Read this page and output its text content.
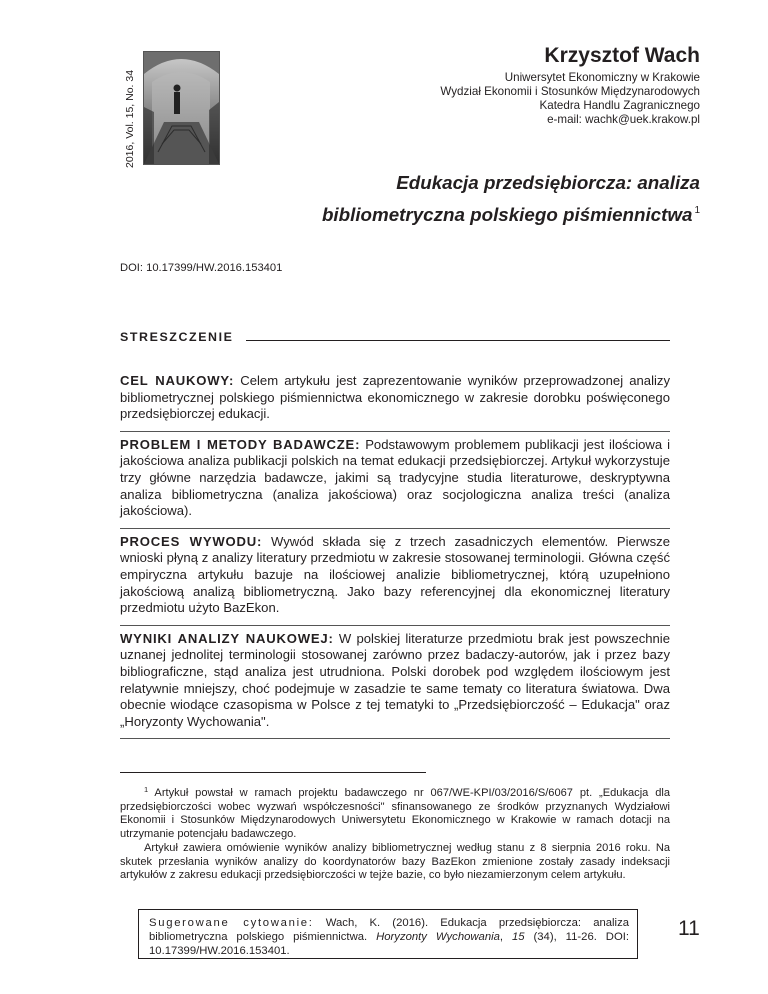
2016, Vol. 15, No. 34
Krzysztof Wach
Uniwersytet Ekonomiczny w Krakowie
Wydział Ekonomii i Stosunków Międzynarodowych
Katedra Handlu Zagranicznego
e-mail: wachk@uek.krakow.pl
Edukacja przedsiębiorcza: analiza
bibliometryczna polskiego piśmiennictwa $^1$
DOI: 10.17399/HW.2016.153401
STRESZCZENIE

CEL NAUKOWY: Celem artykułu jest zaprezentowanie wyników przeprowadzonej analizy bibliometrycznej polskiego piśmiennictwa ekonomicznego w zakresie dorobku poświęconego przedsiębiorczej edukacji.

PROBLEM I METODY BADAWCZE: Podstawowym problemem publikacji jest ilościowa i jakościowa analiza publikacji polskich na temat edukacji przedsiębiorczej. Artykuł wykorzystuje trzy główne narzędzia badawcze, jakimi są tradycyjne studia literaturowe, deskryptywna analiza bibliometryczna (analiza jakościowa) oraz socjologiczna analiza treści (analiza jakościowa).

PROCES WYWODU: Wywód składa się z trzech zasadniczych elementów. Pierwsze wnioski płyną z analizy literatury przedmiotu w zakresie stosowanej terminologii. Główna część empiryczna artykułu bazuje na ilościowej analizie bibliometrycznej, którą uzupełniono jakościową analizą bibliometryczną. Jako bazy referencyjnej dla ekonomicznej literatury przedmiotu użyto BazEkon.

WYNIKI ANALIZY NAUKOWEJ: W polskiej literaturze przedmiotu brak jest powszechnie uznanej jednolitej terminologii stosowanej zarówno przez badaczy-autorów, jak i przez bazy bibliograficzne, stąd analiza jest utrudniona. Polski dorobek pod względem ilościowym jest relatywnie mniejszy, choć podejmuje w zasadzie te same tematy co literatura światowa. Dwa obecnie wiodące czasopisma w Polsce z tej tematyki to „Przedsiębiorczość – Edukacja" oraz „Horyzonty Wychowania".

$^1$ Artykuł powstał w ramach projektu badawczego nr 067/WE-KPI/03/2016/S/6067 pt. „Edukacja dla przedsiębiorczości wobec wyzwań współczesności" sfinansowanego ze środków przyznanych Wydziałowi Ekonomii i Stosunków Międzynarodowych Uniwersytetu Ekonomicznego w Krakowie w ramach dotacji na utrzymanie potencjału badawczego.

Artykuł zawiera omówienie wyników analizy bibliometrycznej według stanu z 8 sierpnia 2016 roku. Na skutek przesłania wyników analizy do koordynatorów bazy BazEkon zmienione zostały zasady indeksacji artykułów z zakresu edukacji przedsiębiorczości w tejże bazie, co było niezamierzonym celem artykułu.

Sugerowane cytowanie: Wach, K. (2016). Edukacja przedsiębiorcza: analiza bibliometryczna polskiego piśmiennictwa. Horyzonty Wychowania, 15 (34), 11-26. DOI: 10.17399/HW.2016.153401.
11
